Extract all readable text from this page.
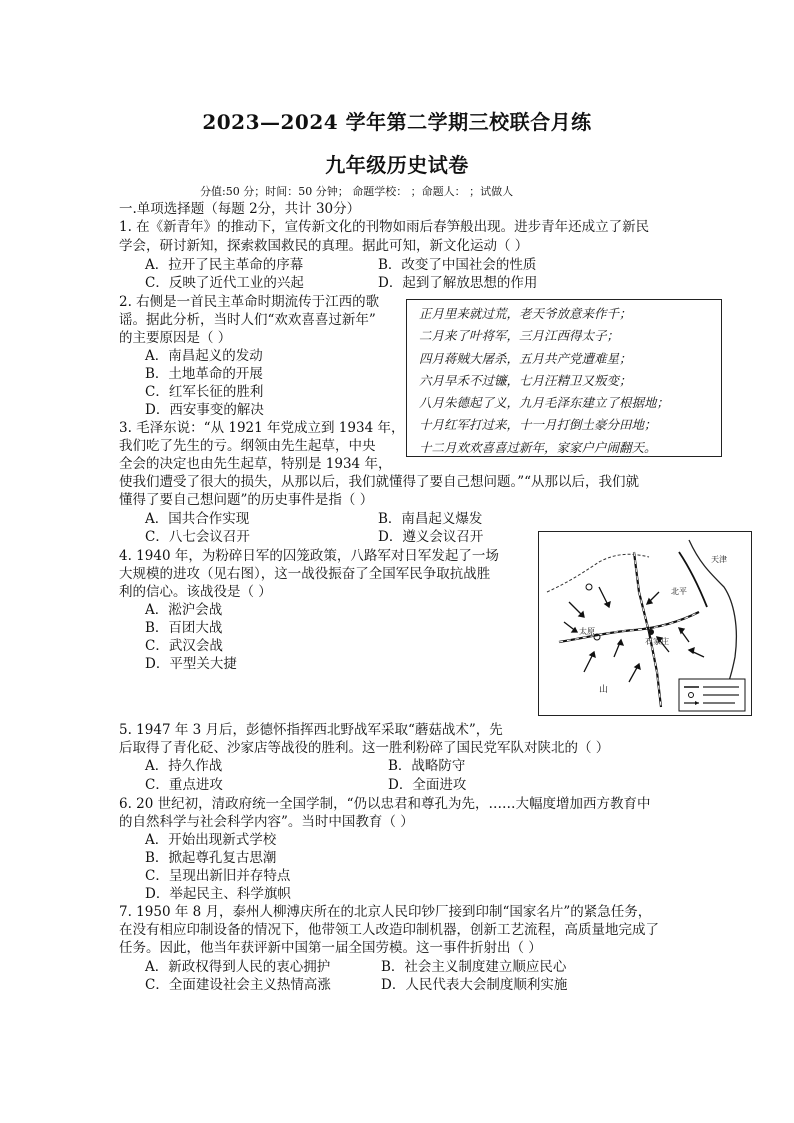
2023—2024 学年第二学期三校联合月练
九年级历史试卷
分值:50 分；时间：50 分钟； 命题学校： ；命题人： ；试做人
一.单项选择题（每题 2分，共计 30分）
1. 在《新青年》的推动下，宣传新文化的刊物如雨后春笋般出现。进步青年还成立了新民
学会，研讨新知，探索救国救民的真理。据此可知，新文化运动（ ）
A．拉开了民主革命的序幕	B．改变了中国社会的性质
C．反映了近代工业的兴起	D．起到了解放思想的作用
2. 右侧是一首民主革命时期流传于江西的歌
谣。据此分析，当时人们“欢欢喜喜过新年”
的主要原因是（ ）
A．南昌起义的发动
B．土地革命的开展
C．红军长征的胜利
D．西安事变的解决
正月里来就过荒，老天爷放意来作千；
二月来了叶将军，三月江西得太子；
四月蒋贼大屠杀，五月共产党遭难星；
六月早禾不过镰，七月汪精卫又叛变；
八月朱德起了义，九月毛泽东建立了根据地；
十月红军打过来，十一月打倒土豪分田地；
十二月欢欢喜喜过新年，家家户户闹翻天。
3. 毛泽东说：“从 1921 年党成立到 1934 年，
我们吃了先生的亏。纲领由先生起草，中央
全会的决定也由先生起草，特别是 1934 年，
使我们遭受了很大的损失，从那以后，我们就懂得了要自己想问题。”“从那以后，我们就
懂得了要自己想问题”的历史事件是指（ ）
A．国共合作实现	B．南昌起义爆发
C．八七会议召开	D．遵义会议召开
4. 1940 年，为粉碎日军的囚笼政策，八路军对日军发起了一场
大规模的进攻（见右图），这一战役振奋了全国军民争取抗战胜
利的信心。该战役是（ ）
A．淞沪会战
B．百团大战
C．武汉会战
D．平型关大捷
太原
石家庄
北平
天津
山
5. 1947 年 3 月后，彭德怀指挥西北野战军采取“蘑菇战术”，先
后取得了青化砭、沙家店等战役的胜利。这一胜利粉碎了国民党军队对陕北的（ ）
A．持久作战	B．战略防守
C．重点进攻	D．全面进攻
6. 20 世纪初，清政府统一全国学制，“仍以忠君和尊孔为先，……大幅度增加西方教育中
的自然科学与社会科学内容”。当时中国教育（ ）
A．开始出现新式学校
B．掀起尊孔复古思潮
C．呈现出新旧并存特点
D．举起民主、科学旗帜
7. 1950 年 8 月，泰州人柳溥庆所在的北京人民印钞厂接到印制“国家名片”的紧急任务，
在没有相应印制设备的情况下，他带领工人改造印制机器，创新工艺流程，高质量地完成了
任务。因此，他当年获评新中国第一届全国劳模。这一事件折射出（ ）
A．新政权得到人民的衷心拥护	B．社会主义制度建立顺应民心
C．全面建设社会主义热情高涨	D．人民代表大会制度顺利实施
